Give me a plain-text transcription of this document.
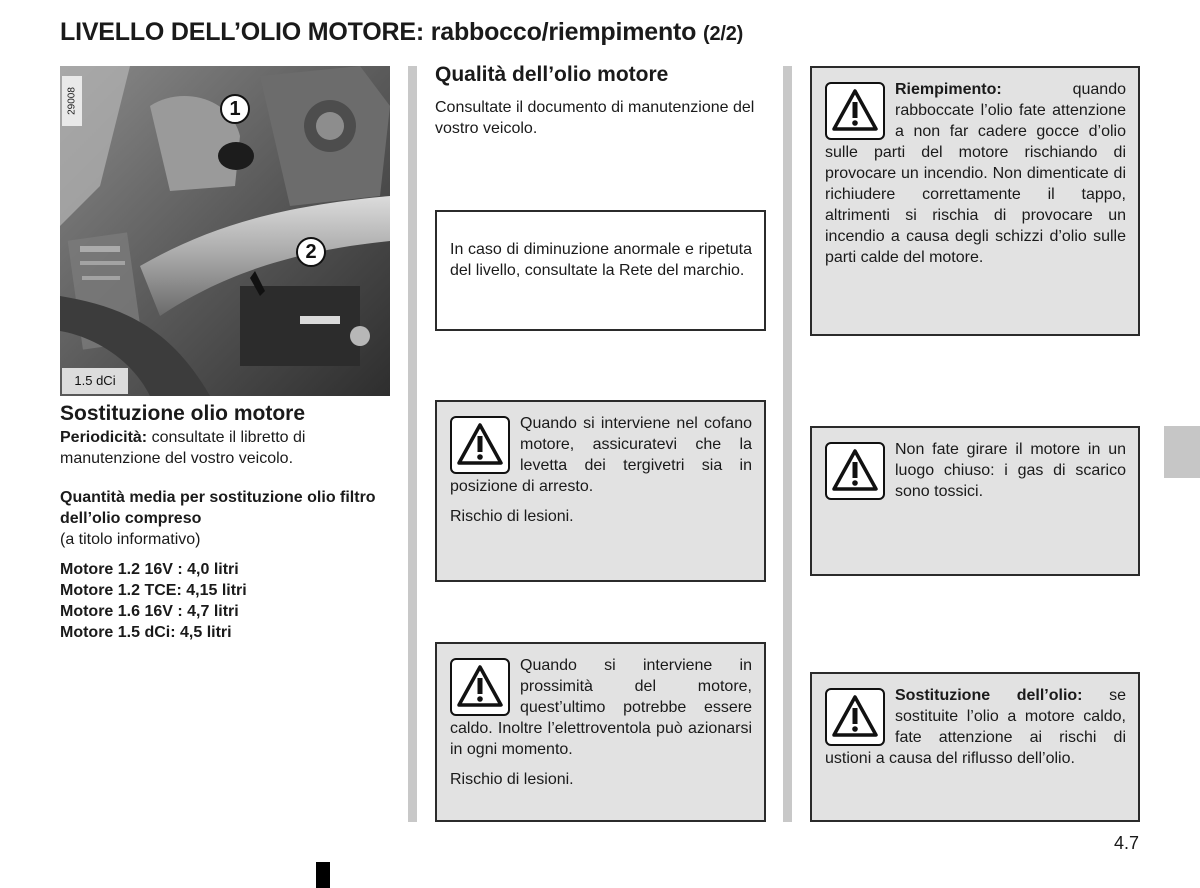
LIVELLO DELL’OLIO MOTORE: rabbocco/riempimento (2/2)
29008	1
2
1.5 dCi
Sostituzione olio motore
Periodicità: consultate il libretto di manutenzione del vostro veicolo.
Quantità media per sostituzione olio filtro dell’olio compreso
(a titolo informativo)
Motore 1.2 16V : 4,0 litri
Motore 1.2 TCE: 4,15 litri
Motore 1.6 16V : 4,7 litri
Motore 1.5 dCi: 4,5 litri
Qualità dell’olio motore
Consultate il documento di manutenzione del vostro veicolo.

In caso di diminuzione anormale e ripetuta del livello, consultate la Rete del marchio.

Quando si interviene nel cofano motore, assicuratevi che la levetta dei tergivetri sia in posizione di arresto.

Rischio di lesioni.

Quando si interviene in prossimità del motore, quest’ultimo potrebbe essere caldo. Inoltre l’elettroventola può azionarsi in ogni momento.

Rischio di lesioni.

Riempimento:	quando rabboccate l’olio fate attenzione a non far cadere gocce d’olio sulle parti del motore rischiando di provocare un incendio. Non dimenticate di richiudere correttamente il tappo, altrimenti si rischia di provocare un incendio a causa degli schizzi d’olio sulle parti calde del motore.

Non fate girare il motore in un luogo chiuso: i gas di scarico sono tossici.

Sostituzione dell’olio: se sostituite l’olio a motore caldo, fate attenzione ai rischi di ustioni a causa del riflusso dell’olio.

4.7
